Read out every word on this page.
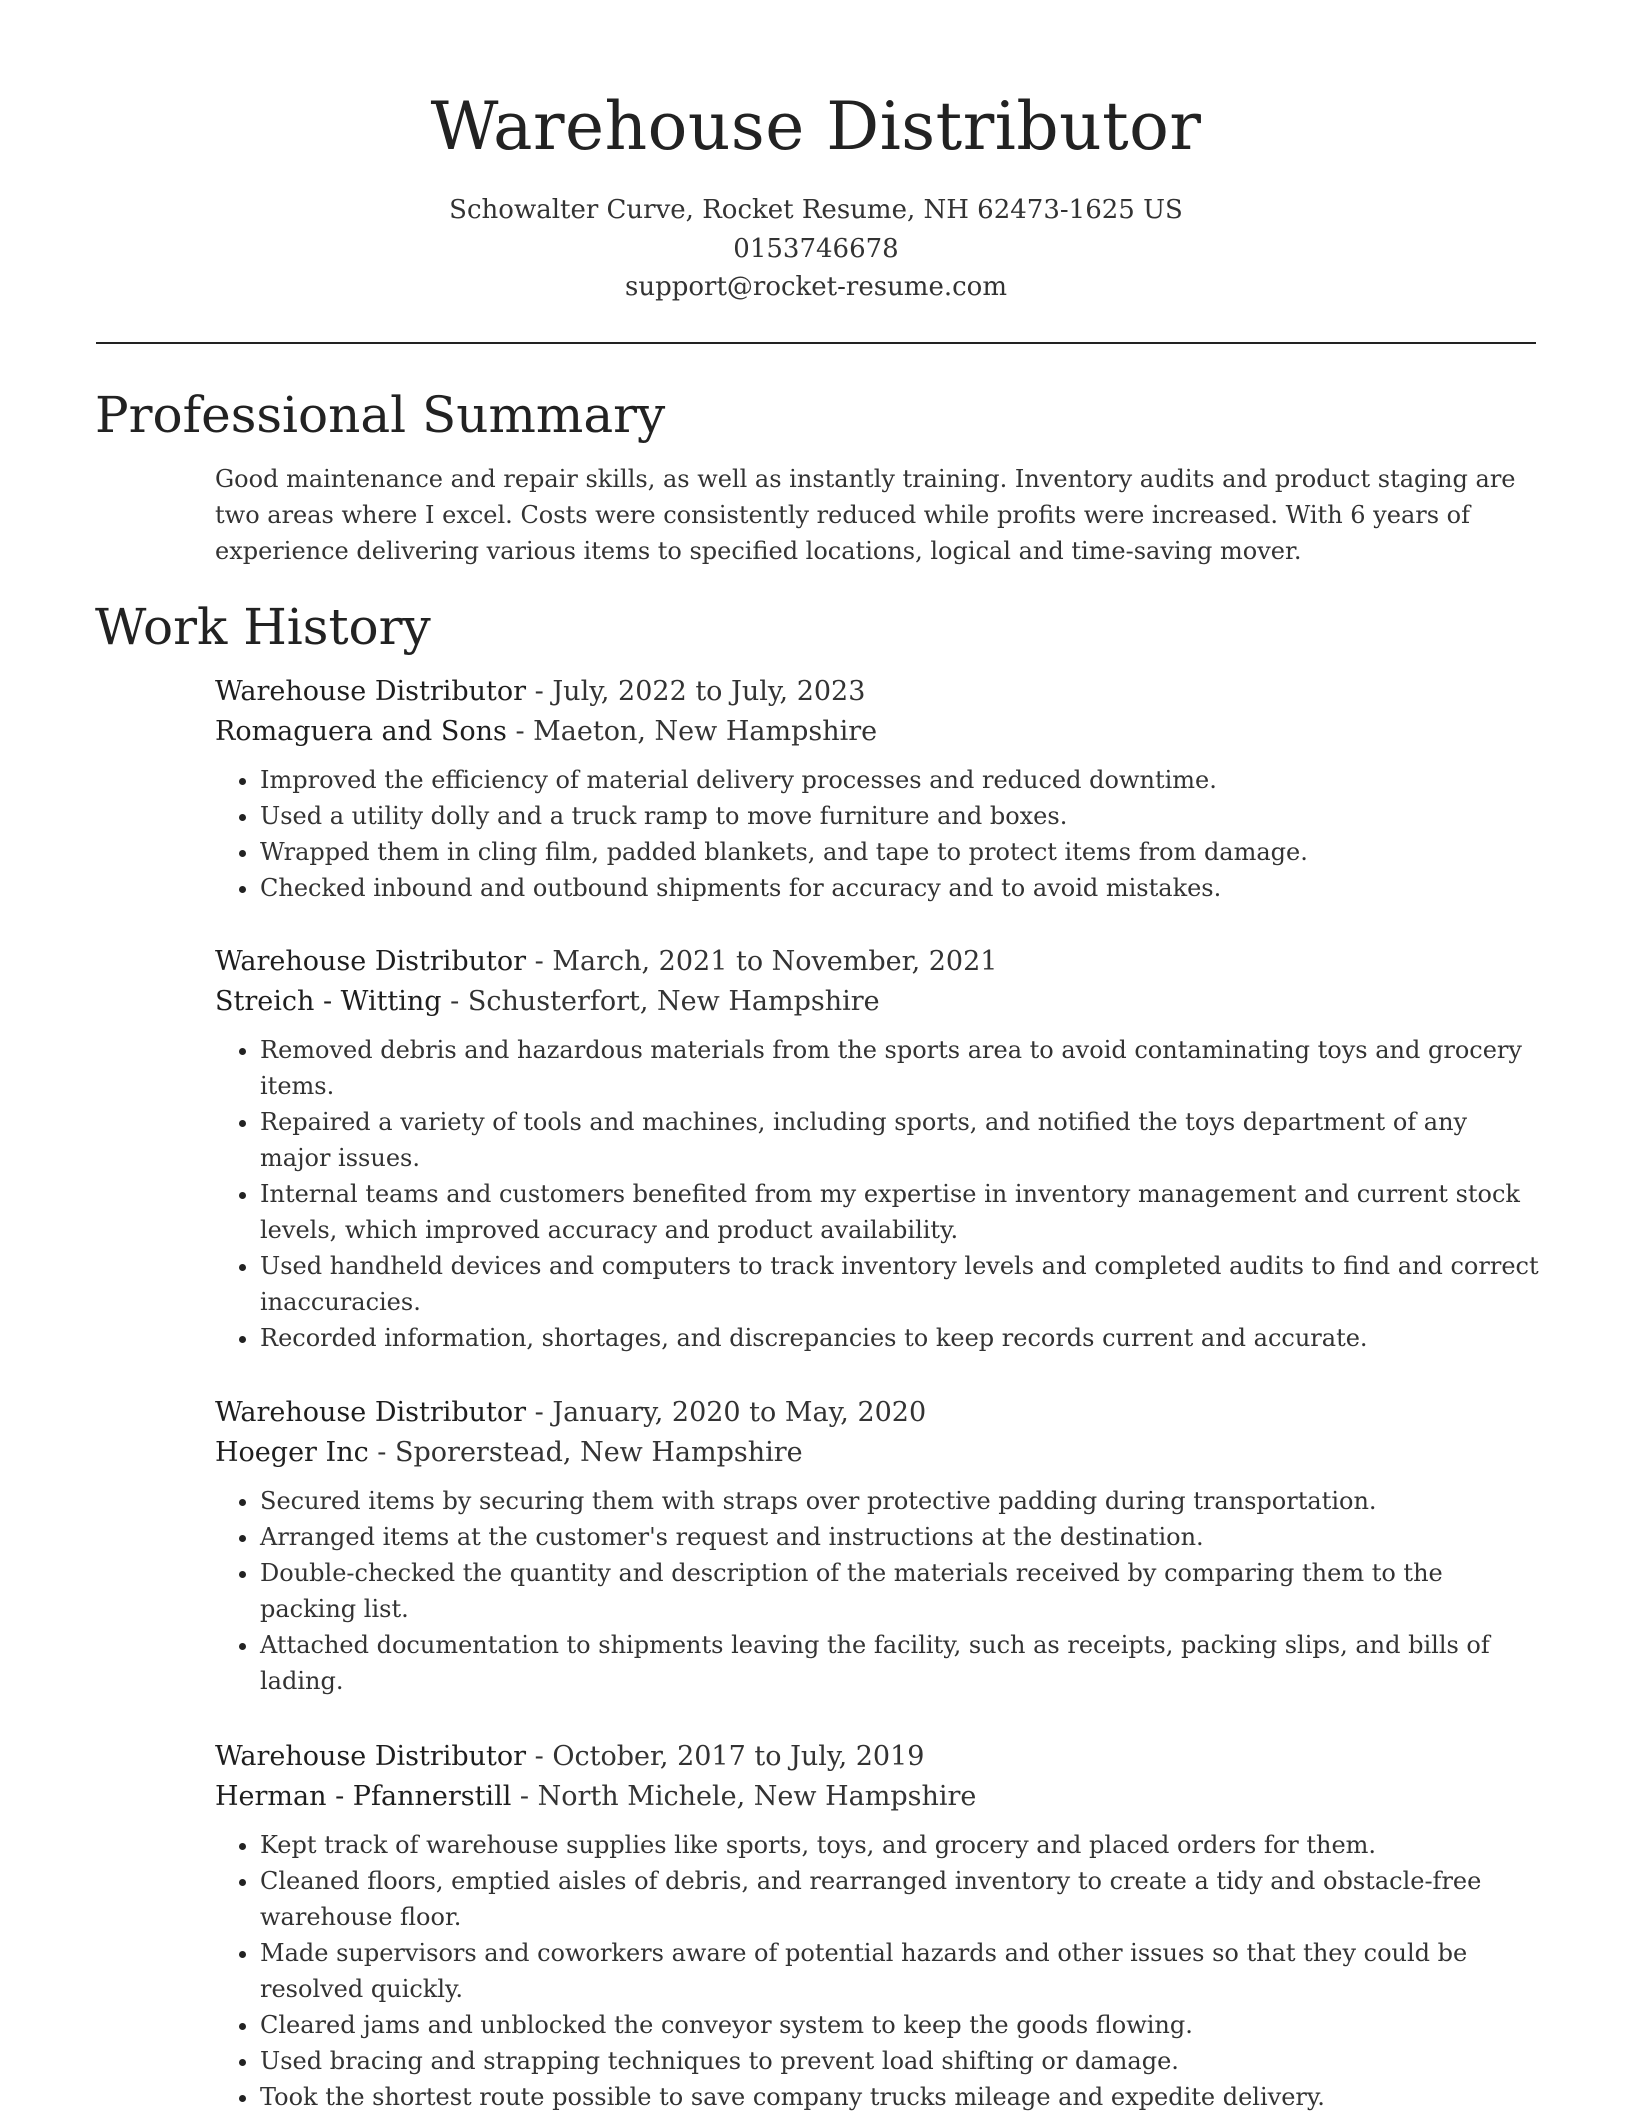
Warehouse Distributor
Schowalter Curve, Rocket Resume, NH 62473-1625 US
0153746678
support@rocket-resume.com
Professional Summary

Good maintenance and repair skills, as well as instantly training. Inventory audits and product staging are two areas where I excel. Costs were consistently reduced while profits were increased. With 6 years of experience delivering various items to specified locations, logical and time-saving mover.

Work History
Warehouse Distributor - July, 2022 to July, 2023
Romaguera and Sons - Maeton, New Hampshire
• Improved the efficiency of material delivery processes and reduced downtime.
• Used a utility dolly and a truck ramp to move furniture and boxes.
• Wrapped them in cling film, padded blankets, and tape to protect items from damage.
• Checked inbound and outbound shipments for accuracy and to avoid mistakes.
Warehouse Distributor - March, 2021 to November, 2021
Streich - Witting - Schusterfort, New Hampshire
• Removed debris and hazardous materials from the sports area to avoid contaminating toys and grocery items.
• Repaired a variety of tools and machines, including sports, and notified the toys department of any major issues.
• Internal teams and customers benefited from my expertise in inventory management and current stock levels, which improved accuracy and product availability.
• Used handheld devices and computers to track inventory levels and completed audits to find and correct inaccuracies.
• Recorded information, shortages, and discrepancies to keep records current and accurate.
Warehouse Distributor - January, 2020 to May, 2020
Hoeger Inc - Sporerstead, New Hampshire
• Secured items by securing them with straps over protective padding during transportation.
• Arranged items at the customer's request and instructions at the destination.
• Double-checked the quantity and description of the materials received by comparing them to the packing list.
• Attached documentation to shipments leaving the facility, such as receipts, packing slips, and bills of lading.
Warehouse Distributor - October, 2017 to July, 2019
Herman - Pfannerstill - North Michele, New Hampshire
• Kept track of warehouse supplies like sports, toys, and grocery and placed orders for them.
• Cleaned floors, emptied aisles of debris, and rearranged inventory to create a tidy and obstacle-free warehouse floor.
• Made supervisors and coworkers aware of potential hazards and other issues so that they could be resolved quickly.
• Cleared jams and unblocked the conveyor system to keep the goods flowing.
• Used bracing and strapping techniques to prevent load shifting or damage.
• Took the shortest route possible to save company trucks mileage and expedite delivery.
